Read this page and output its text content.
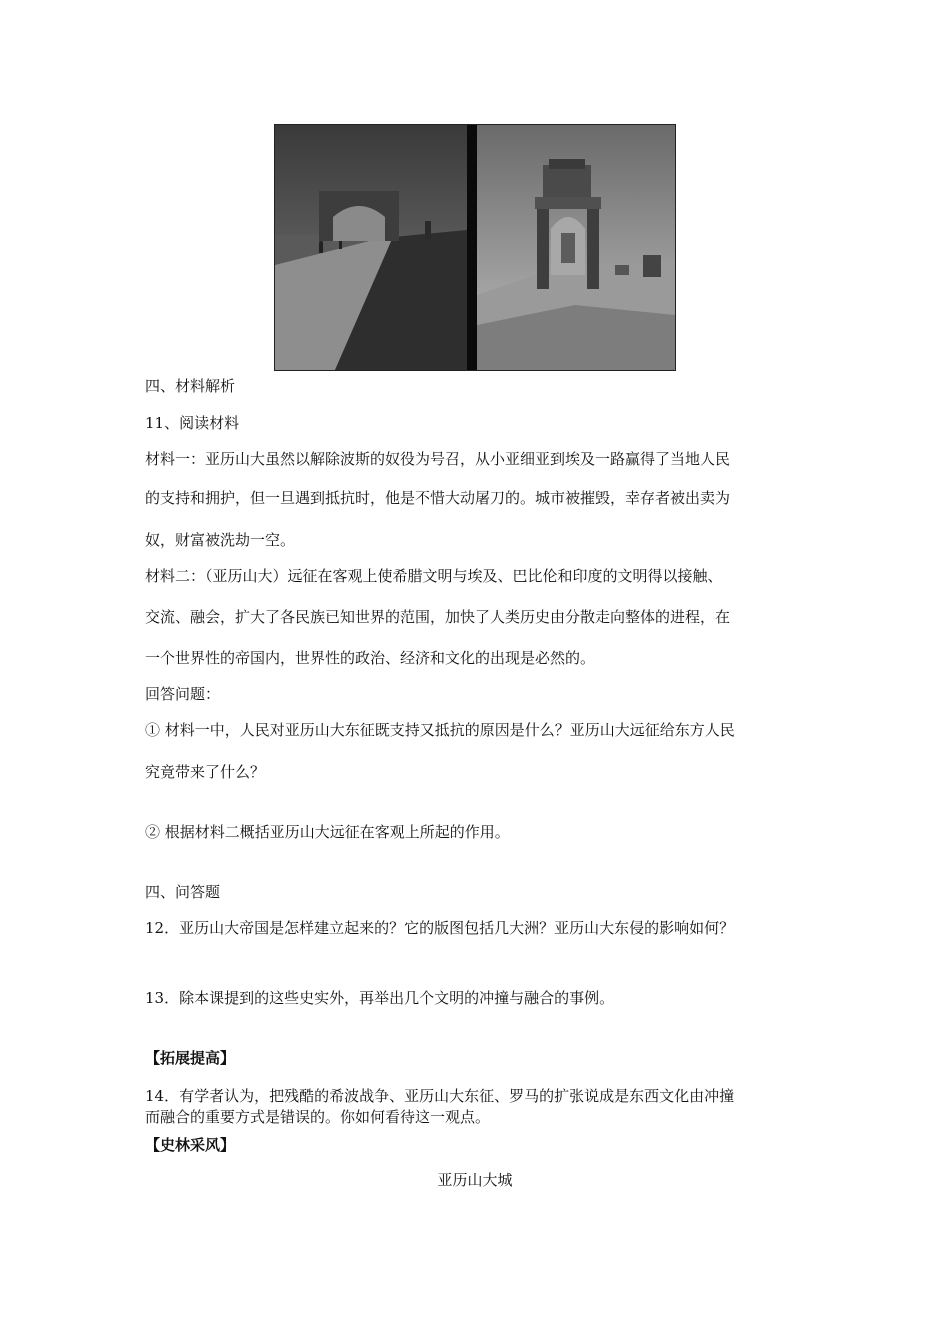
四、材料解析
11、阅读材料
材料一：亚历山大虽然以解除波斯的奴役为号召，从小亚细亚到埃及一路赢得了当地人民
的支持和拥护，但一旦遇到抵抗时，他是不惜大动屠刀的。城市被摧毁，幸存者被出卖为
奴，财富被洗劫一空。
材料二：（亚历山大）远征在客观上使希腊文明与埃及、巴比伦和印度的文明得以接触、
交流、融会，扩大了各民族已知世界的范围，加快了人类历史由分散走向整体的进程，在
一个世界性的帝国内，世界性的政治、经济和文化的出现是必然的。
回答问题：
① 材料一中，人民对亚历山大东征既支持又抵抗的原因是什么？亚历山大远征给东方人民
究竟带来了什么？
② 根据材料二概括亚历山大远征在客观上所起的作用。
四、问答题
12．亚历山大帝国是怎样建立起来的？它的版图包括几大洲？亚历山大东侵的影响如何？
13．除本课提到的这些史实外，再举出几个文明的冲撞与融合的事例。
【拓展提高】
14．有学者认为，把残酷的希波战争、亚历山大东征、罗马的扩张说成是东西文化由冲撞
而融合的重要方式是错误的。你如何看待这一观点。
【史林采风】
亚历山大城
